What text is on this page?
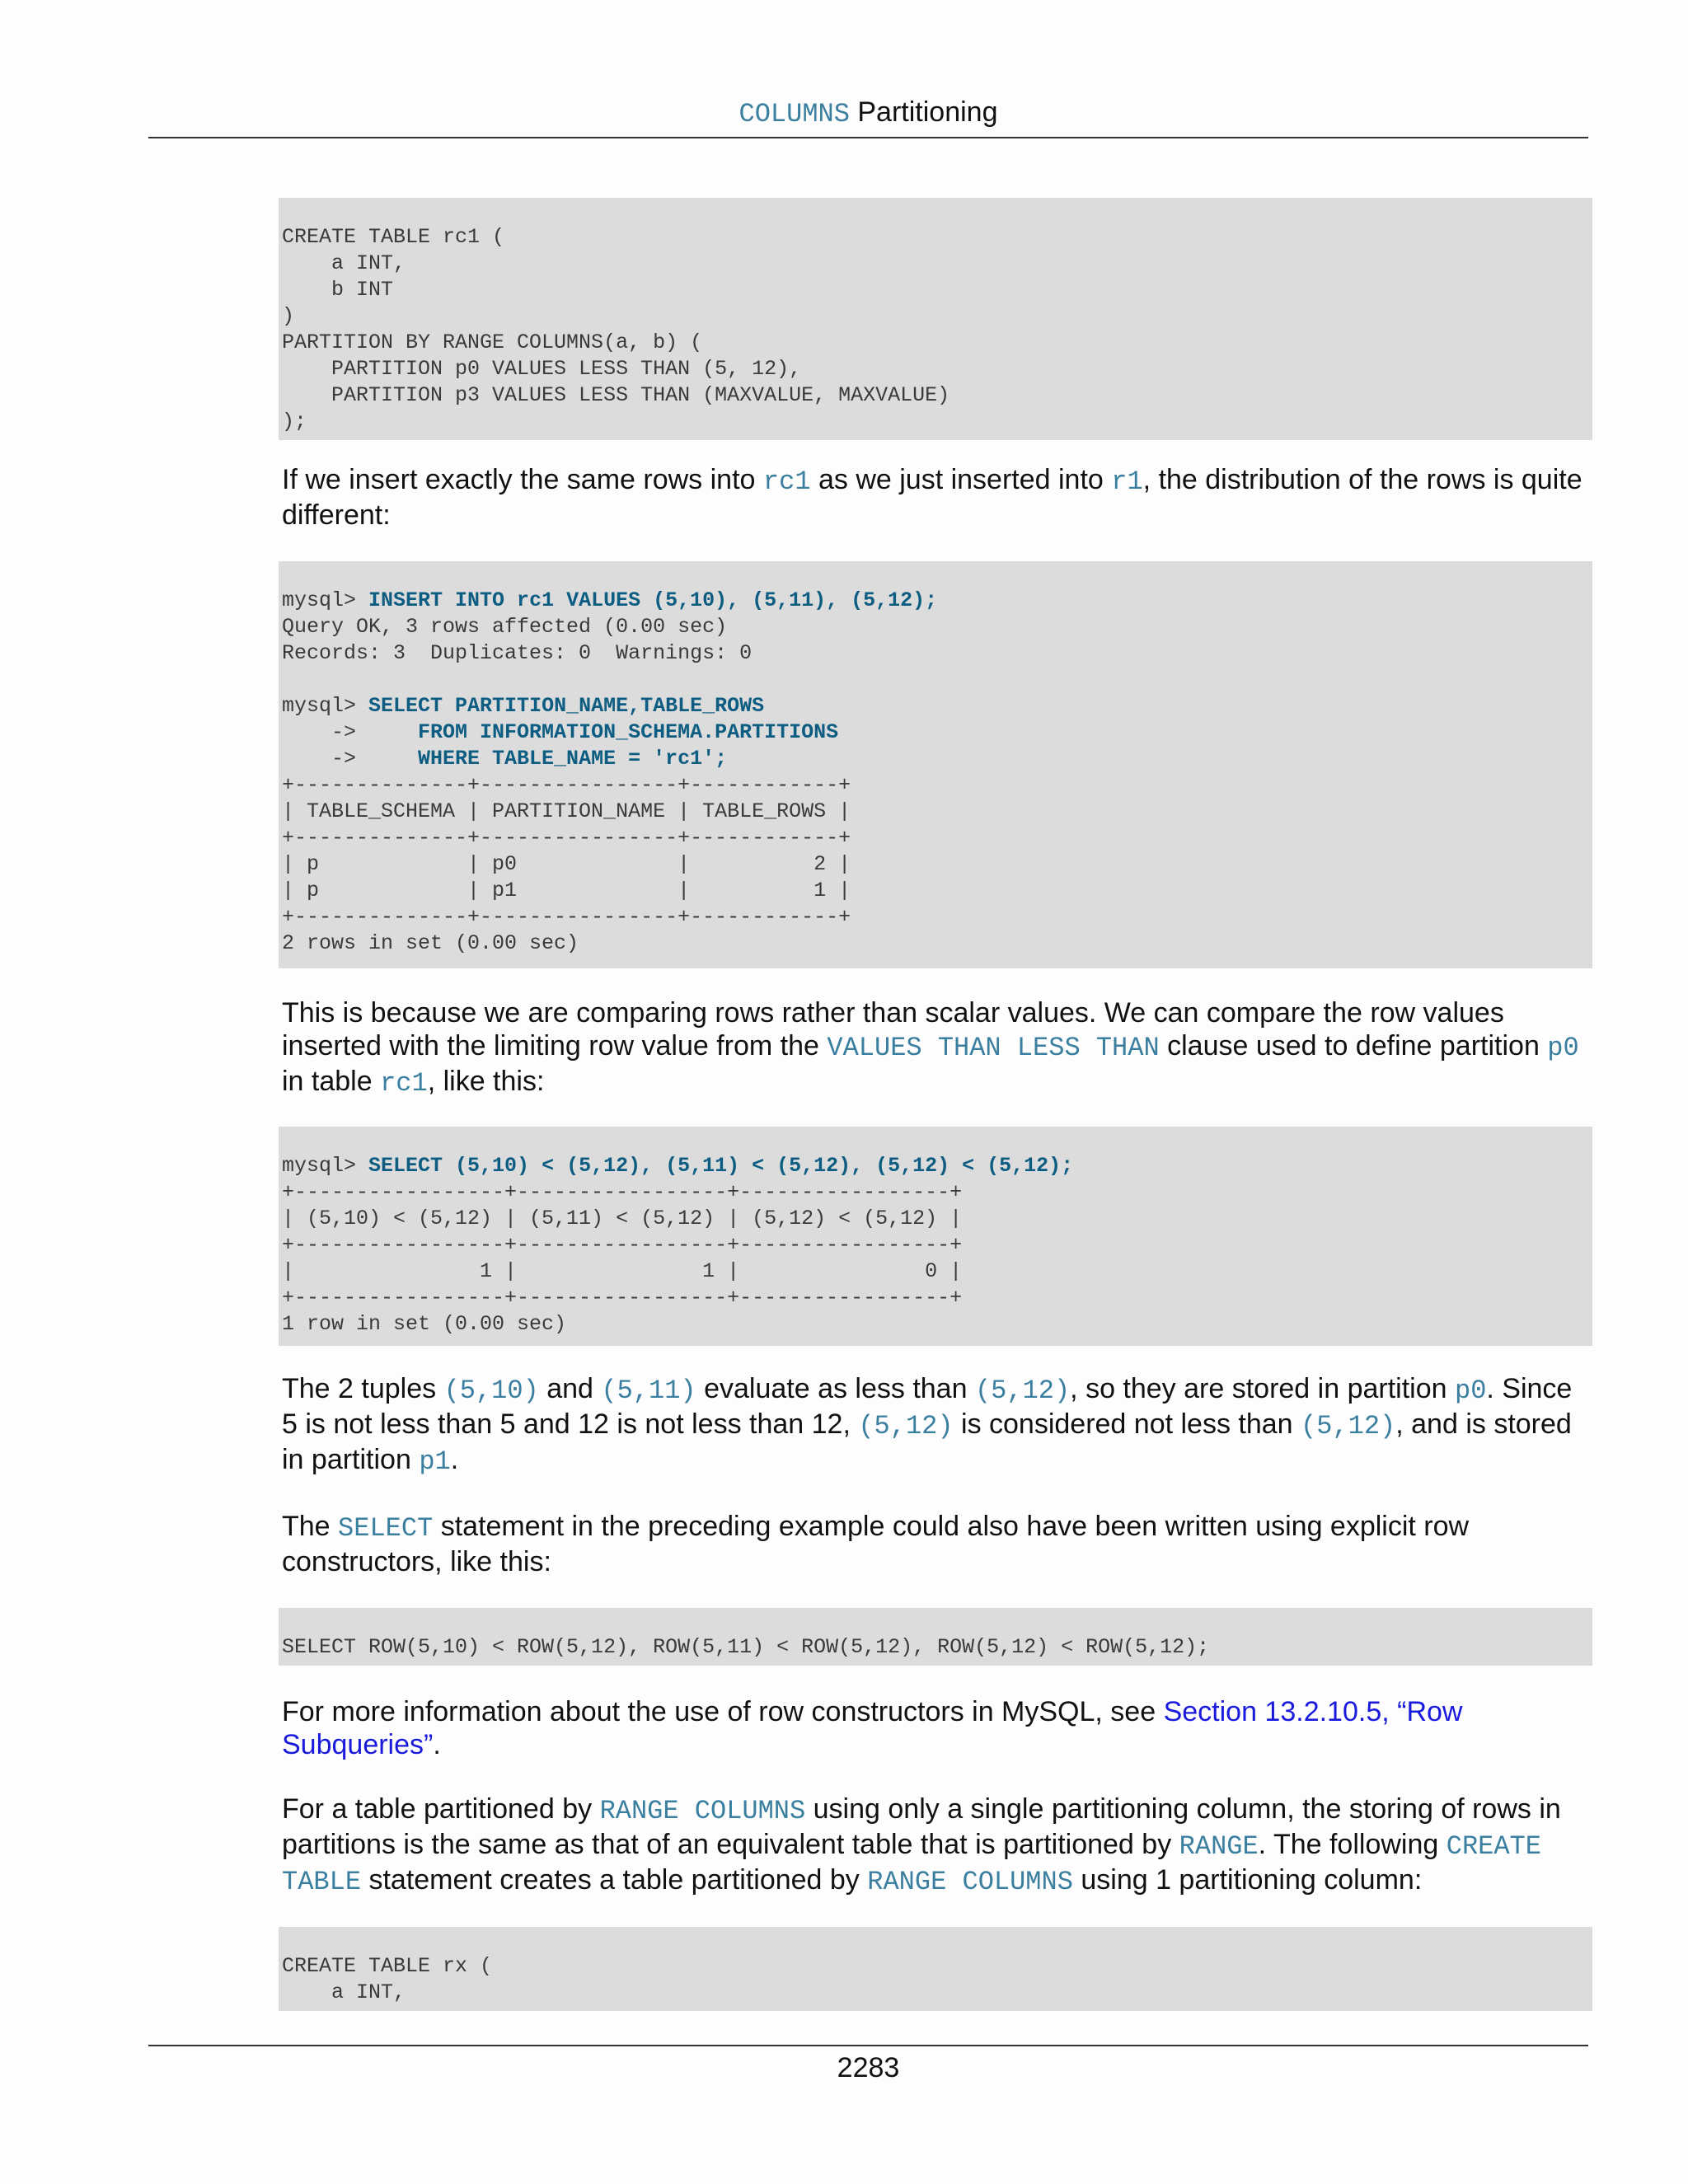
COLUMNS Partitioning
CREATE TABLE rc1 (
a INT,
b INT
)
PARTITION BY RANGE COLUMNS(a, b) (
PARTITION p0 VALUES LESS THAN (5, 12),
PARTITION p3 VALUES LESS THAN (MAXVALUE, MAXVALUE)
);

If we insert exactly the same rows into rc1 as we just inserted into r1, the distribution of the rows is quite different:

mysql> INSERT INTO rc1 VALUES (5,10), (5,11), (5,12);
Query OK, 3 rows affected (0.00 sec)
Records: 3  Duplicates: 0  Warnings: 0

mysql> SELECT PARTITION_NAME,TABLE_ROWS
->     FROM INFORMATION_SCHEMA.PARTITIONS
->     WHERE TABLE_NAME = 'rc1';
+--------------+----------------+------------+
| TABLE_SCHEMA | PARTITION_NAME | TABLE_ROWS |
+--------------+----------------+------------+
| p            | p0             |          2 |
| p            | p1             |          1 |
+--------------+----------------+------------+
2 rows in set (0.00 sec)

This is because we are comparing rows rather than scalar values. We can compare the row values inserted with the limiting row value from the VALUES THAN LESS THAN clause used to define partition p0 in table rc1, like this:

mysql> SELECT (5,10) < (5,12), (5,11) < (5,12), (5,12) < (5,12);
+-----------------+-----------------+-----------------+
| (5,10) < (5,12) | (5,11) < (5,12) | (5,12) < (5,12) |
+-----------------+-----------------+-----------------+
|               1 |               1 |               0 |
+-----------------+-----------------+-----------------+
1 row in set (0.00 sec)

The 2 tuples (5,10) and (5,11) evaluate as less than (5,12), so they are stored in partition p0. Since 5 is not less than 5 and 12 is not less than 12, (5,12) is considered not less than (5,12), and is stored in partition p1.

The SELECT statement in the preceding example could also have been written using explicit row constructors, like this:

SELECT ROW(5,10) < ROW(5,12), ROW(5,11) < ROW(5,12), ROW(5,12) < ROW(5,12);

For more information about the use of row constructors in MySQL, see Section 13.2.10.5, “Row Subqueries”.

For a table partitioned by RANGE COLUMNS using only a single partitioning column, the storing of rows in partitions is the same as that of an equivalent table that is partitioned by RANGE. The following CREATE TABLE statement creates a table partitioned by RANGE COLUMNS using 1 partitioning column:

CREATE TABLE rx (
a INT,
2283
